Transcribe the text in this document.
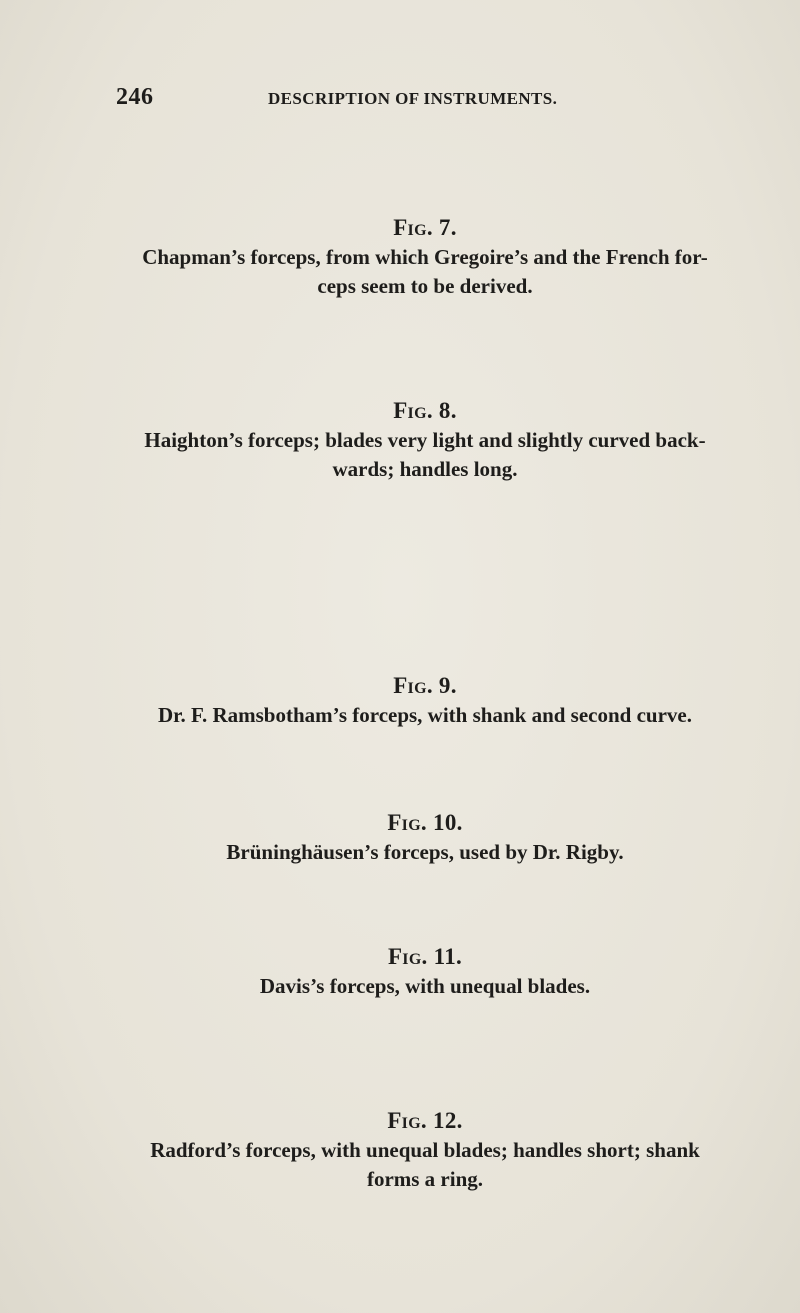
246	DESCRIPTION OF INSTRUMENTS.
Fig. 7.
Chapman’s forceps, from which Gregoire’s and the French for-
ceps seem to be derived.
Fig. 8.
Haighton’s forceps; blades very light and slightly curved back-
wards; handles long.
Fig. 9.
Dr. F. Ramsbotham’s forceps, with shank and second curve.
Fig. 10.
Brüninghäusen’s forceps, used by Dr. Rigby.
Fig. 11.
Davis’s forceps, with unequal blades.
Fig. 12.
Radford’s forceps, with unequal blades; handles short; shank
forms a ring.
